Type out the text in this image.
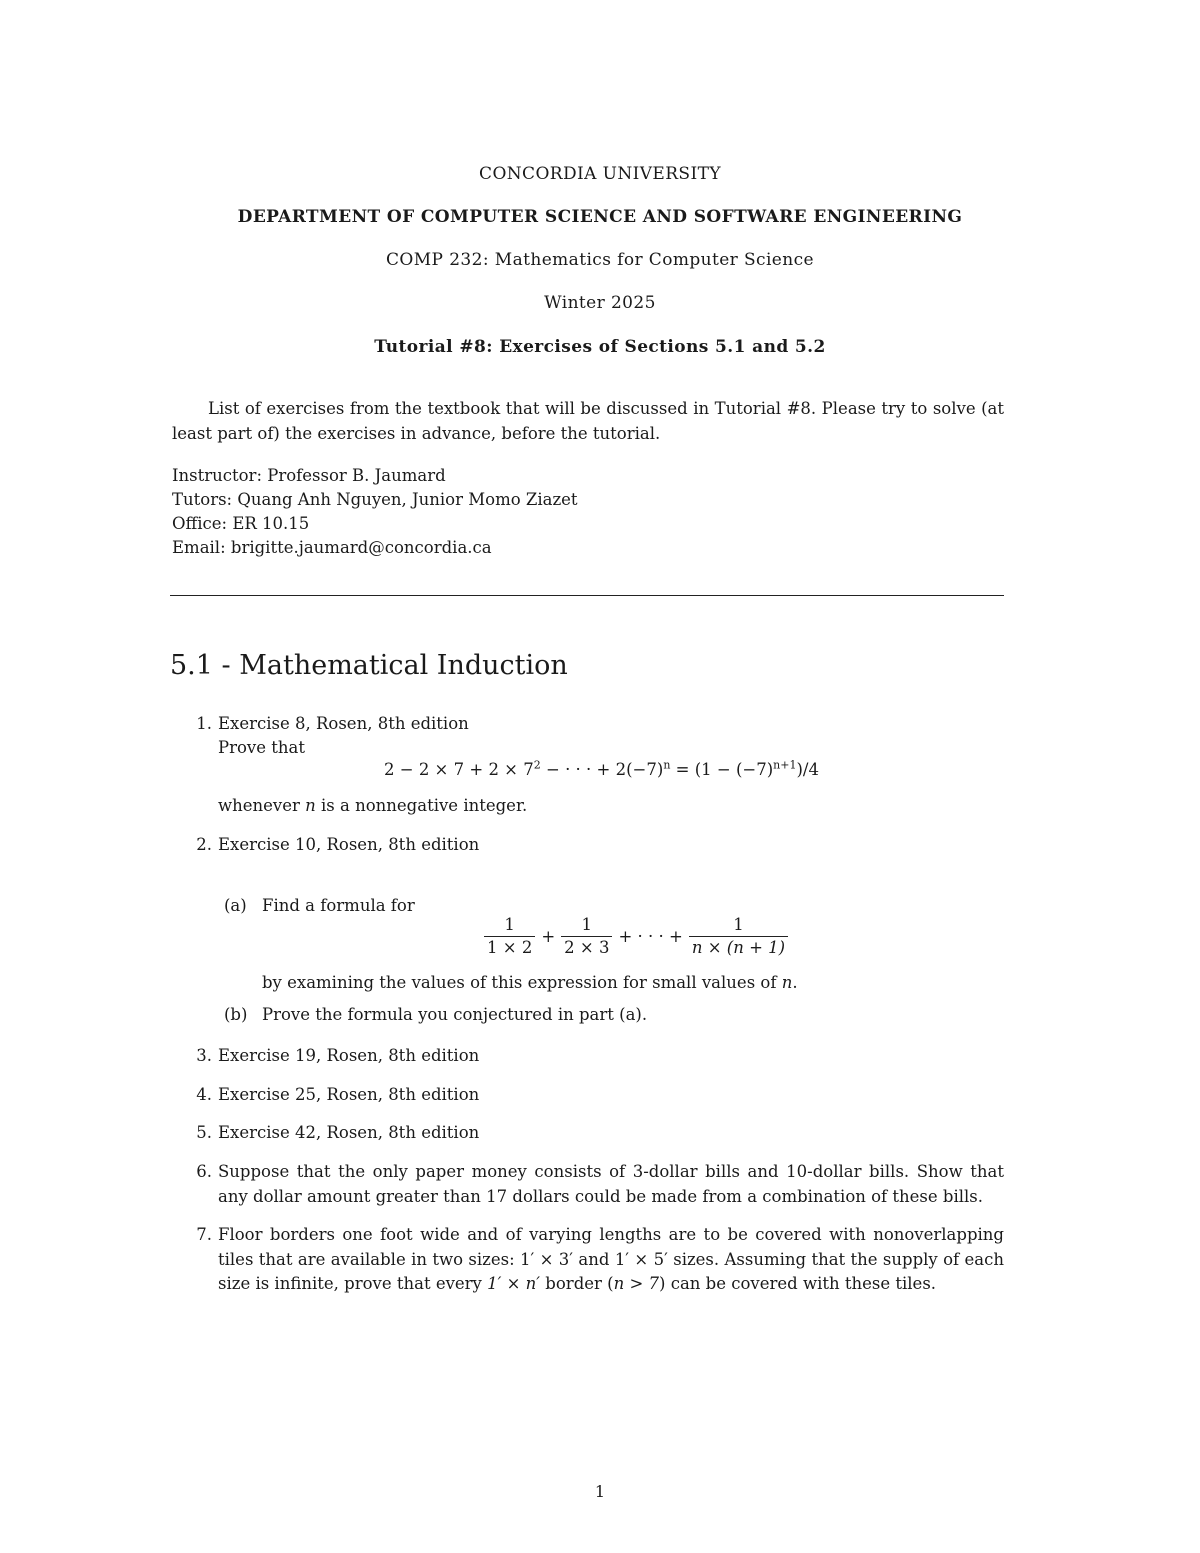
CONCORDIA UNIVERSITY
DEPARTMENT OF COMPUTER SCIENCE AND SOFTWARE ENGINEERING
COMP 232: Mathematics for Computer Science
Winter 2025
Tutorial #8: Exercises of Sections 5.1 and 5.2
List of exercises from the textbook that will be discussed in Tutorial #8. Please try to solve (at least part of) the exercises in advance, before the tutorial.
Instructor: Professor B. Jaumard
Tutors: Quang Anh Nguyen, Junior Momo Ziazet
Office: ER 10.15
Email: brigitte.jaumard@concordia.ca
5.1 - Mathematical Induction
1. Exercise 8, Rosen, 8th edition
Prove that
$2 - 2 \times 7 + 2 \times 7^2$ − · · · + $2(-7)^n = (1 - (-7)^{n+1})/4$
whenever n is a nonnegative integer.
2. Exercise 10, Rosen, 8th edition
(a) Find a formula for
$\frac{1}{1 \times 2} + \frac{1}{2 \times 3}$ + · · · + $\frac{1}{n \times (n + 1)}$
by examining the values of this expression for small values of n.
(b) Prove the formula you conjectured in part (a).
3. Exercise 19, Rosen, 8th edition
4. Exercise 25, Rosen, 8th edition
5. Exercise 42, Rosen, 8th edition
6. Suppose that the only paper money consists of 3-dollar bills and 10-dollar bills. Show that any dollar amount greater than 17 dollars could be made from a combination of these bills.
7. Floor borders one foot wide and of varying lengths are to be covered with nonoverlapping tiles that are available in two sizes: 1′ × 3′ and 1′ × 5′ sizes. Assuming that the supply of each size is infinite, prove that every 1′ × n′ border (n > 7) can be covered with these tiles.
1
